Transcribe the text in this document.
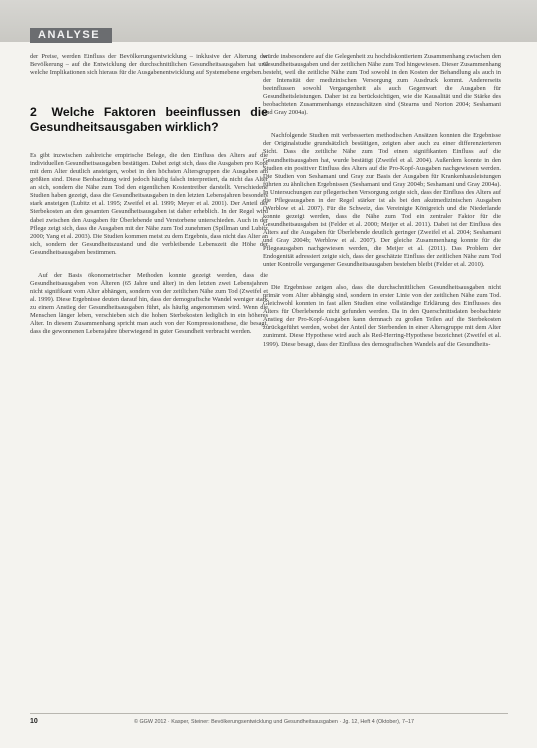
ANALYSE

der Preise, werden Einfluss der Bevölkerungsentwicklung – inklusive der Alterung der Bevölkerung – auf die Entwicklung der durchschnittlichen Gesundheitsausgaben hat und welche Implikationen sich hieraus für die Ausgabenentwicklung auf Systemebene ergeben.

2 Welche Faktoren beeinflussen die Gesundheitsausgaben wirklich?

Es gibt inzwischen zahlreiche empirische Belege, die den Einfluss des Alters auf die individuellen Gesundheitsausgaben bestätigen. Dabei zeigt sich, dass die Ausgaben pro Kopf mit dem Alter deutlich ansteigen, wobei in den höchsten Altersgruppen die Ausgaben am größten sind. Diese Beobachtung wird jedoch häufig falsch interpretiert, da nicht das Alter an sich, sondern die Nähe zum Tod den eigentlichen Kostentreiber darstellt. Verschiedene Studien haben gezeigt, dass die Gesundheitsausgaben in den letzten Lebensjahren besonders stark ansteigen (Lubitz et al. 1995; Zweifel et al. 1999; Meyer et al. 2001). Der Anteil der Sterbekosten an den gesamten Gesundheitsausgaben ist daher erheblich. In der Regel wird dabei zwischen den Ausgaben für Überlebende und Verstorbene unterschieden. Auch in der Pflege zeigt sich, dass die Ausgaben mit der Nähe zum Tod zunehmen (Spillman und Lubitz 2000; Yang et al. 2003). Die Studien kommen meist zu dem Ergebnis, dass nicht das Alter an sich, sondern der Gesundheitszustand und die verbleibende Lebenszeit die Höhe der Gesundheitsausgaben bestimmen.

Auf der Basis ökonometrischer Methoden konnte gezeigt werden, dass die Gesundheitsausgaben von Älteren (65 Jahre und älter) in den letzten zwei Lebensjahren nicht signifikant vom Alter abhängen, sondern von der zeitlichen Nähe zum Tod (Zweifel et al. 1999). Diese Ergebnisse deuten darauf hin, dass der demografische Wandel weniger stark zu einem Anstieg der Gesundheitsausgaben führt, als häufig angenommen wird. Wenn die Menschen länger leben, verschieben sich die hohen Sterbekosten lediglich in ein höheres Alter. In diesem Zusammenhang spricht man auch von der Kompressionsthese, die besagt, dass die gewonnenen Lebensjahre überwiegend in guter Gesundheit verbracht werden.

würde insbesondere auf die Gelegenheit zu hochdiskontiertem Zusammenhang zwischen den Gesundheitsausgaben und der zeitlichen Nähe zum Tod hingewiesen. Dieser Zusammenhang besteht, weil die zeitliche Nähe zum Tod sowohl in den Kosten der Behandlung als auch in der Intensität der medizinischen Versorgung zum Ausdruck kommt. Andererseits beeinflussen sowohl Vergangenheit als auch Gegenwart die Ausgaben für Gesundheitsleistungen. Daher ist zu berücksichtigen, wie die Kausalität und die Stärke des beobachteten Zusammenhangs einzuschätzen sind (Stearns und Norton 2004; Seshamani und Gray 2004a).

Nachfolgende Studien mit verbesserten methodischen Ansätzen konnten die Ergebnisse der Originalstudie grundsätzlich bestätigen, zeigten aber auch zu einer differenzierteren Sicht. Dass die zeitliche Nähe zum Tod einen signifikanten Einfluss auf die Gesundheitsausgaben hat, wurde bestätigt (Zweifel et al. 2004). Außerdem konnte in den Studien ein positiver Einfluss des Alters auf die Pro-Kopf-Ausgaben nachgewiesen werden. Die Studien von Seshamani und Gray zur Basis der Ausgaben für Krankenhausleistungen führten zu ähnlichen Ergebnissen (Seshamani und Gray 2004b; Seshamani und Gray 2004a). In Untersuchungen zur pflegerischen Versorgung zeigte sich, dass der Einfluss des Alters auf die Pflegeausgaben in der Regel stärker ist als bei den akutmedizinischen Ausgaben (Werblow et al. 2007). Für die Schweiz, das Vereinigte Königreich und die Niederlande konnte gezeigt werden, dass die Nähe zum Tod ein zentraler Faktor für die Gesundheitsausgaben ist (Felder et al. 2000; Meijer et al. 2011). Dabei ist der Einfluss des Alters auf die Ausgaben für Überlebende deutlich geringer (Zweifel et al. 2004; Seshamani und Gray 2004b; Werblow et al. 2007). Der gleiche Zusammenhang konnte für die Pflegeausgaben nachgewiesen werden, die Meijer et al. (2011). Das Problem der Endogenität adressiert zeigte sich, dass der geschätzte Einfluss der zeitlichen Nähe zum Tod unter Kontrolle vergangener Gesundheitsausgaben bestehen bleibt (Felder et al. 2010).

Die Ergebnisse zeigen also, dass die durchschnittlichen Gesundheitsausgaben nicht primär vom Alter abhängig sind, sondern in erster Linie von der zeitlichen Nähe zum Tod. Gleichwohl konnten in fast allen Studien eine vollständige Erklärung des Einflusses des Alters für Überlebende nicht gefunden werden. Da in den Querschnittsdaten beobachtete Anstieg der Pro-Kopf-Ausgaben kann demnach zu großen Teilen auf die Sterbekosten zurückgeführt werden, wobei der Anteil der Sterbenden in einer Altersgruppe mit dem Alter zunimmt. Diese Hypothese wird auch als Red-Herring-Hypothese bezeichnet (Zweifel et al. 1999). Diese besagt, dass der Einfluss des demografischen Wandels auf die Gesundheits-

10	© GGW 2012 · Kasper, Steiner: Bevölkerungsentwicklung und Gesundheitsausgaben · Jg. 12, Heft 4 (Oktober), 7–17
